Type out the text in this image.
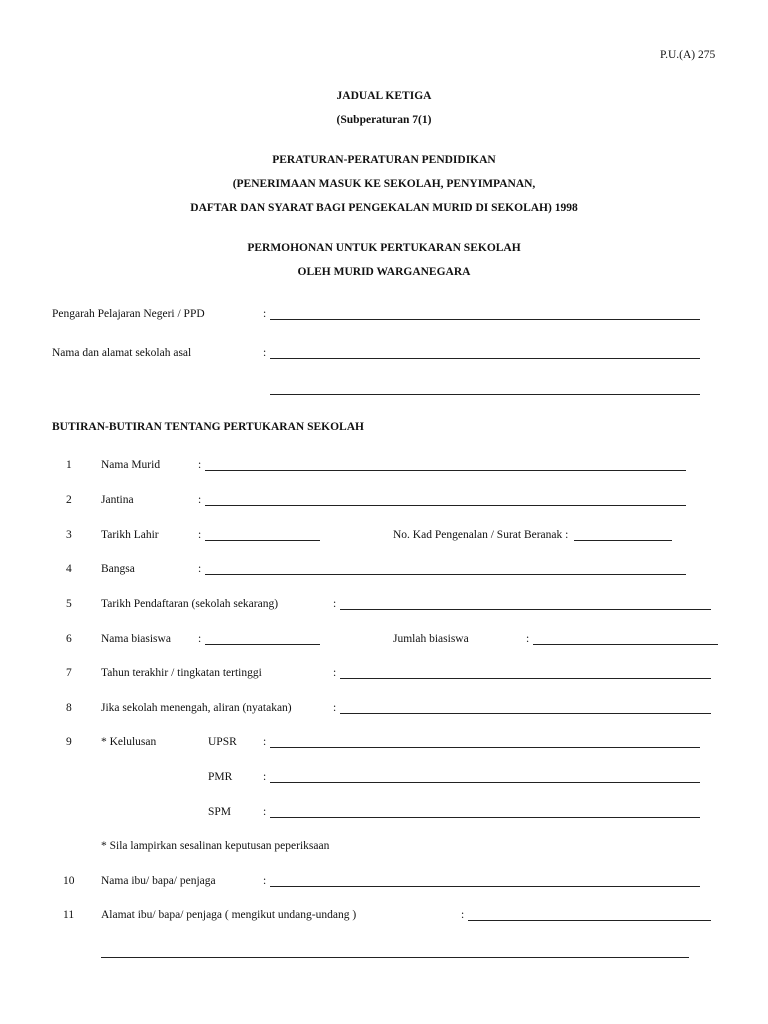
P.U.(A) 275
JADUAL KETIGA
(Subperaturan 7(1)
PERATURAN-PERATURAN PENDIDIKAN
(PENERIMAAN MASUK KE SEKOLAH, PENYIMPANAN,
DAFTAR DAN SYARAT BAGI PENGEKALAN MURID DI SEKOLAH) 1998
PERMOHONAN UNTUK PERTUKARAN SEKOLAH
OLEH MURID WARGANEGARA
Pengarah Pelajaran Negeri / PPD	:
Nama dan alamat sekolah asal	:
BUTIRAN-BUTIRAN TENTANG PERTUKARAN SEKOLAH
1	Nama Murid	:
2	Jantina	:
3	Tarikh Lahir	:	No. Kad Pengenalan / Surat Beranak :
4	Bangsa	:
5	Tarikh Pendaftaran (sekolah sekarang)	:
6	Nama biasiswa :	Jumlah biasiswa	:
7	Tahun terakhir / tingkatan tertinggi	:
8	Jika sekolah menengah, aliran (nyatakan)	:
9	* Kelulusan	UPSR :
PMR	:
SPM	:
* Sila lampirkan sesalinan keputusan peperiksaan
10 Nama ibu/ bapa/ penjaga	:
11 Alamat ibu/ bapa/ penjaga ( mengikut undang-undang )	:
